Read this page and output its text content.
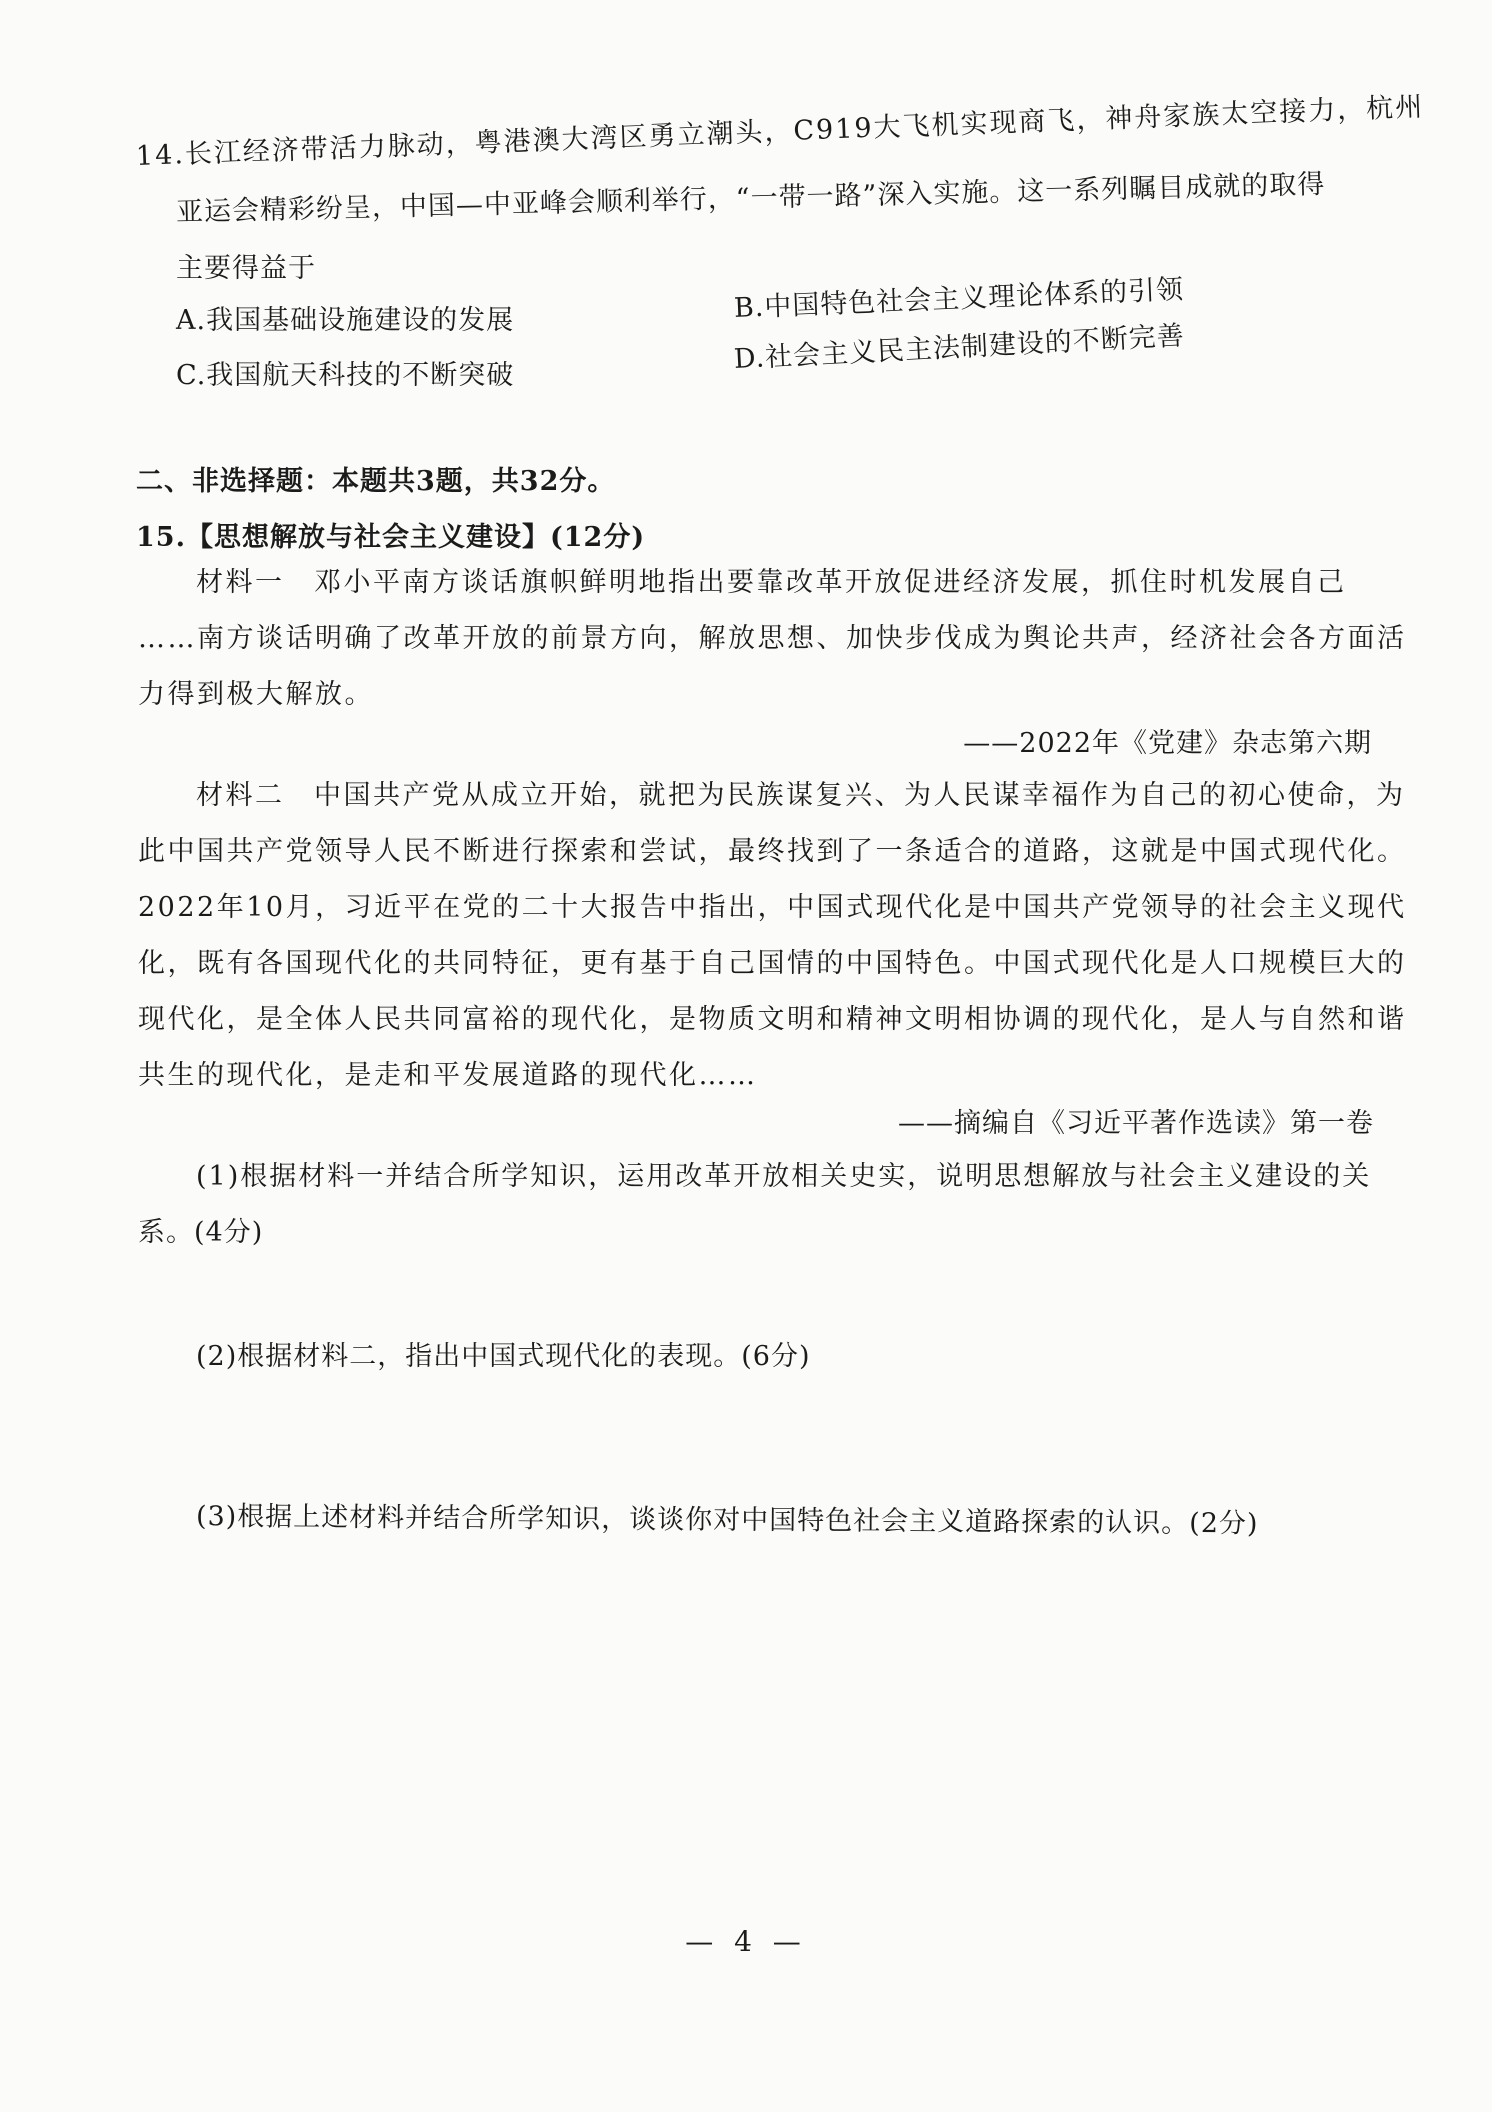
14.长江经济带活力脉动，粤港澳大湾区勇立潮头，C919大飞机实现商飞，神舟家族太空接力，杭州
亚运会精彩纷呈，中国—中亚峰会顺利举行，“一带一路”深入实施。这一系列瞩目成就的取得
主要得益于
A.我国基础设施建设的发展	B.中国特色社会主义理论体系的引领
C.我国航天科技的不断突破
D.社会主义民主法制建设的不断完善
二、非选择题：本题共3题，共32分。
15.【思想解放与社会主义建设】(12分)
材料一　邓小平南方谈话旗帜鲜明地指出要靠改革开放促进经济发展，抓住时机发展自己
……南方谈话明确了改革开放的前景方向，解放思想、加快步伐成为舆论共声，经济社会各方面活
力得到极大解放。
——2022年《党建》杂志第六期
材料二　中国共产党从成立开始，就把为民族谋复兴、为人民谋幸福作为自己的初心使命，为
此中国共产党领导人民不断进行探索和尝试，最终找到了一条适合的道路，这就是中国式现代化。
2022年10月，习近平在党的二十大报告中指出，中国式现代化是中国共产党领导的社会主义现代
化，既有各国现代化的共同特征，更有基于自己国情的中国特色。中国式现代化是人口规模巨大的
现代化，是全体人民共同富裕的现代化，是物质文明和精神文明相协调的现代化，是人与自然和谐
共生的现代化，是走和平发展道路的现代化……
——摘编自《习近平著作选读》第一卷
(1)根据材料一并结合所学知识，运用改革开放相关史实，说明思想解放与社会主义建设的关
系。(4分)
(2)根据材料二，指出中国式现代化的表现。(6分)
(3)根据上述材料并结合所学知识，谈谈你对中国特色社会主义道路探索的认识。(2分)
— 4 —
